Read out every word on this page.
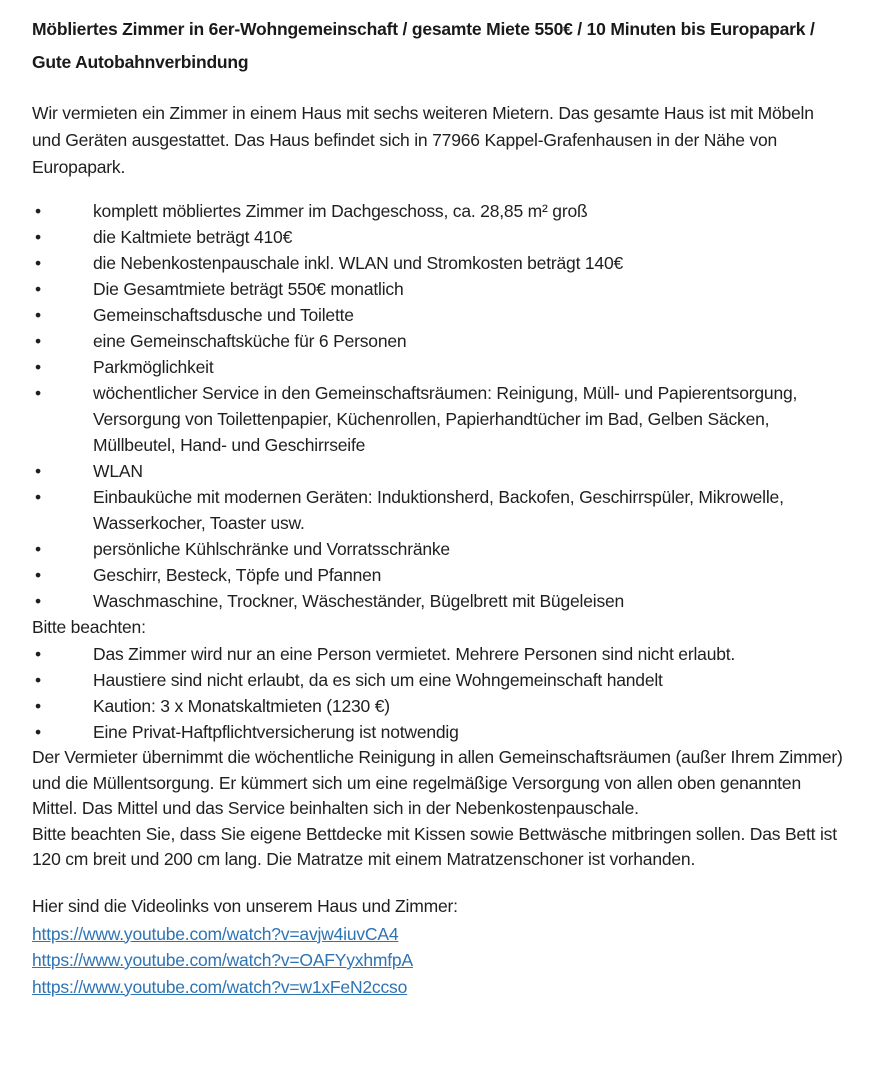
Möbliertes Zimmer in 6er-Wohngemeinschaft / gesamte Miete 550€ / 10 Minuten bis Europapark / Gute Autobahnverbindung

Wir vermieten ein Zimmer in einem Haus mit sechs weiteren Mietern. Das gesamte Haus ist mit Möbeln und Geräten ausgestattet. Das Haus befindet sich in 77966 Kappel-Grafenhausen in der Nähe von Europapark.

• komplett möbliertes Zimmer im Dachgeschoss, ca. 28,85 m² groß
• die Kaltmiete beträgt 410€
• die Nebenkostenpauschale inkl. WLAN und Stromkosten beträgt 140€
• Die Gesamtmiete beträgt 550€ monatlich
• Gemeinschaftsdusche und Toilette
• eine Gemeinschaftsküche für 6 Personen
• Parkmöglichkeit
• wöchentlicher Service in den Gemeinschaftsräumen: Reinigung, Müll- und Papierentsorgung, Versorgung von Toilettenpapier, Küchenrollen, Papierhandtücher im Bad, Gelben Säcken, Müllbeutel, Hand- und Geschirrseife
• WLAN
• Einbauküche mit modernen Geräten: Induktionsherd, Backofen, Geschirrspüler, Mikrowelle, Wasserkocher, Toaster usw.
• persönliche Kühlschränke und Vorratsschränke
• Geschirr, Besteck, Töpfe und Pfannen
• Waschmaschine, Trockner, Wäscheständer, Bügelbrett mit Bügeleisen

Bitte beachten:

• Das Zimmer wird nur an eine Person vermietet. Mehrere Personen sind nicht erlaubt.
• Haustiere sind nicht erlaubt, da es sich um eine Wohngemeinschaft handelt
• Kaution: 3 x Monatskaltmieten (1230 €)
• Eine Privat-Haftpflichtversicherung ist notwendig

Der Vermieter übernimmt die wöchentliche Reinigung in allen Gemeinschaftsräumen (außer Ihrem Zimmer) und die Müllentsorgung. Er kümmert sich um eine regelmäßige Versorgung von allen oben genannten Mittel. Das Mittel und das Service beinhalten sich in der Nebenkostenpauschale.

Bitte beachten Sie, dass Sie eigene Bettdecke mit Kissen sowie Bettwäsche mitbringen sollen. Das Bett ist 120 cm breit und 200 cm lang. Die Matratze mit einem Matratzenschoner ist vorhanden.

Hier sind die Videolinks von unserem Haus und Zimmer:

https://www.youtube.com/watch?v=avjw4iuvCA4
https://www.youtube.com/watch?v=OAFYyxhmfpA
https://www.youtube.com/watch?v=w1xFeN2ccso
